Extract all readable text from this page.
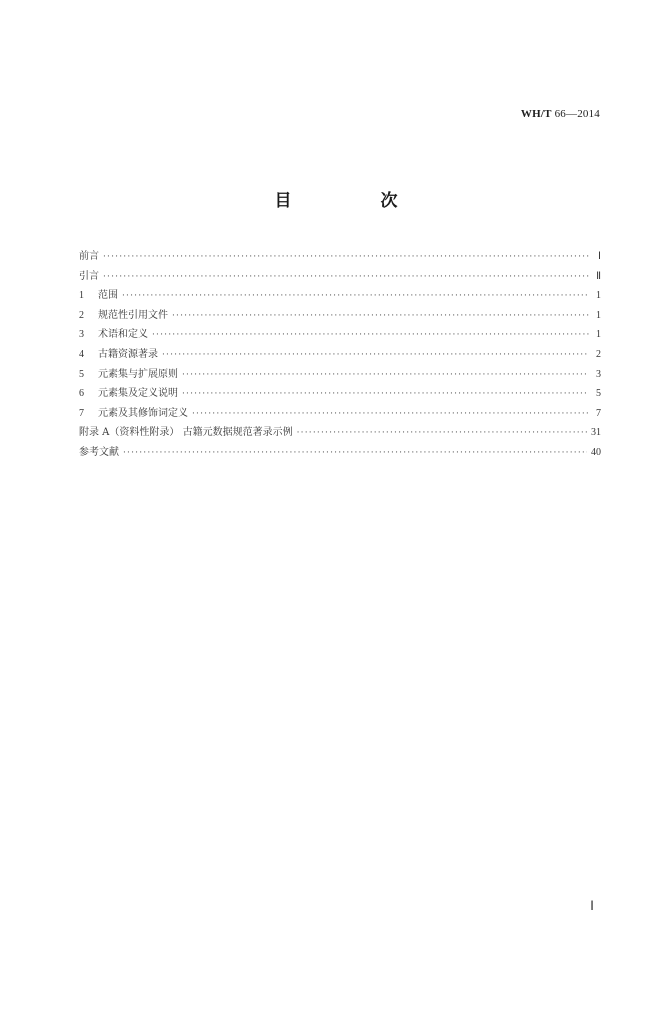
WH/T 66—2014
目　次
前言 ·····	Ⅰ
引言 ·····	Ⅱ
1	范围 ·····	1
2	规范性引用文件 ·····	1
3	术语和定义 ·····	1
4	古籍资源著录 ·····	2
5	元素集与扩展原则 ·····	3
6	元素集及定义说明 ·····	5
7	元素及其修饰词定义 ·····	7
附录 A（资料性附录） 古籍元数据规范著录示例 ·····	31
参考文献 ·····	40
Ⅰ
